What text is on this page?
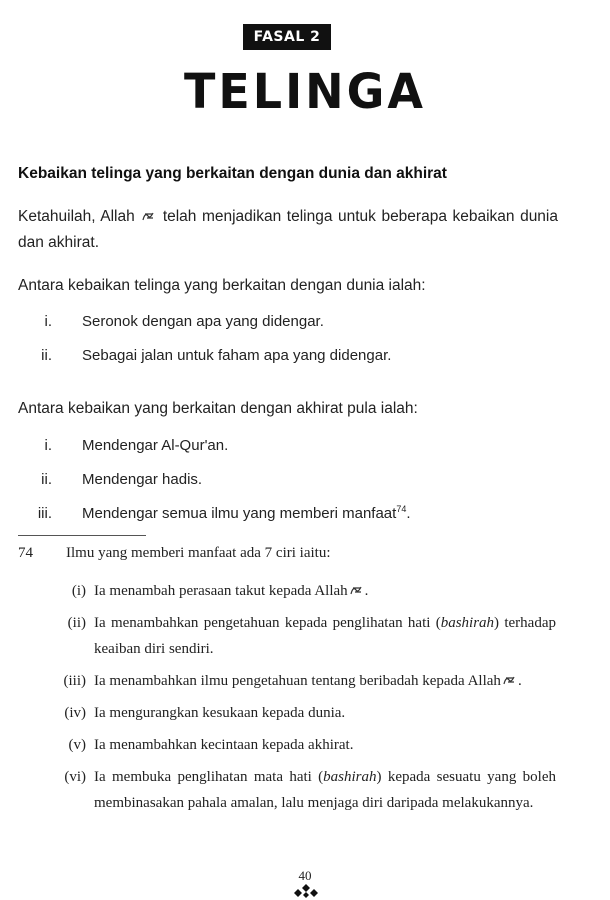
FASAL 2
TELINGA
Kebaikan telinga yang berkaitan dengan dunia dan akhirat
Ketahuilah, Allah telah menjadikan telinga untuk beberapa kebaikan dunia dan akhirat.
Antara kebaikan telinga yang berkaitan dengan dunia ialah:
i. Seronok dengan apa yang didengar.
ii. Sebagai jalan untuk faham apa yang didengar.
Antara kebaikan yang berkaitan dengan akhirat pula ialah:
i. Mendengar Al-Qur'an.
ii. Mendengar hadis.
iii. Mendengar semua ilmu yang memberi manfaat$^{74}$.
74 Ilmu yang memberi manfaat ada 7 ciri iaitu:
(i) Ia menambah perasaan takut kepada Allah .
(ii) Ia menambahkan pengetahuan kepada penglihatan hati (bashirah) terhadap keaiban diri sendiri.
(iii) Ia menambahkan ilmu pengetahuan tentang beribadah kepada Allah .
(iv) Ia mengurangkan kesukaan kepada dunia.
(v) Ia menambahkan kecintaan kepada akhirat.
(vi) Ia membuka penglihatan mata hati (bashirah) kepada sesuatu yang boleh membinasakan pahala amalan, lalu menjaga diri daripada melakukannya.
40
